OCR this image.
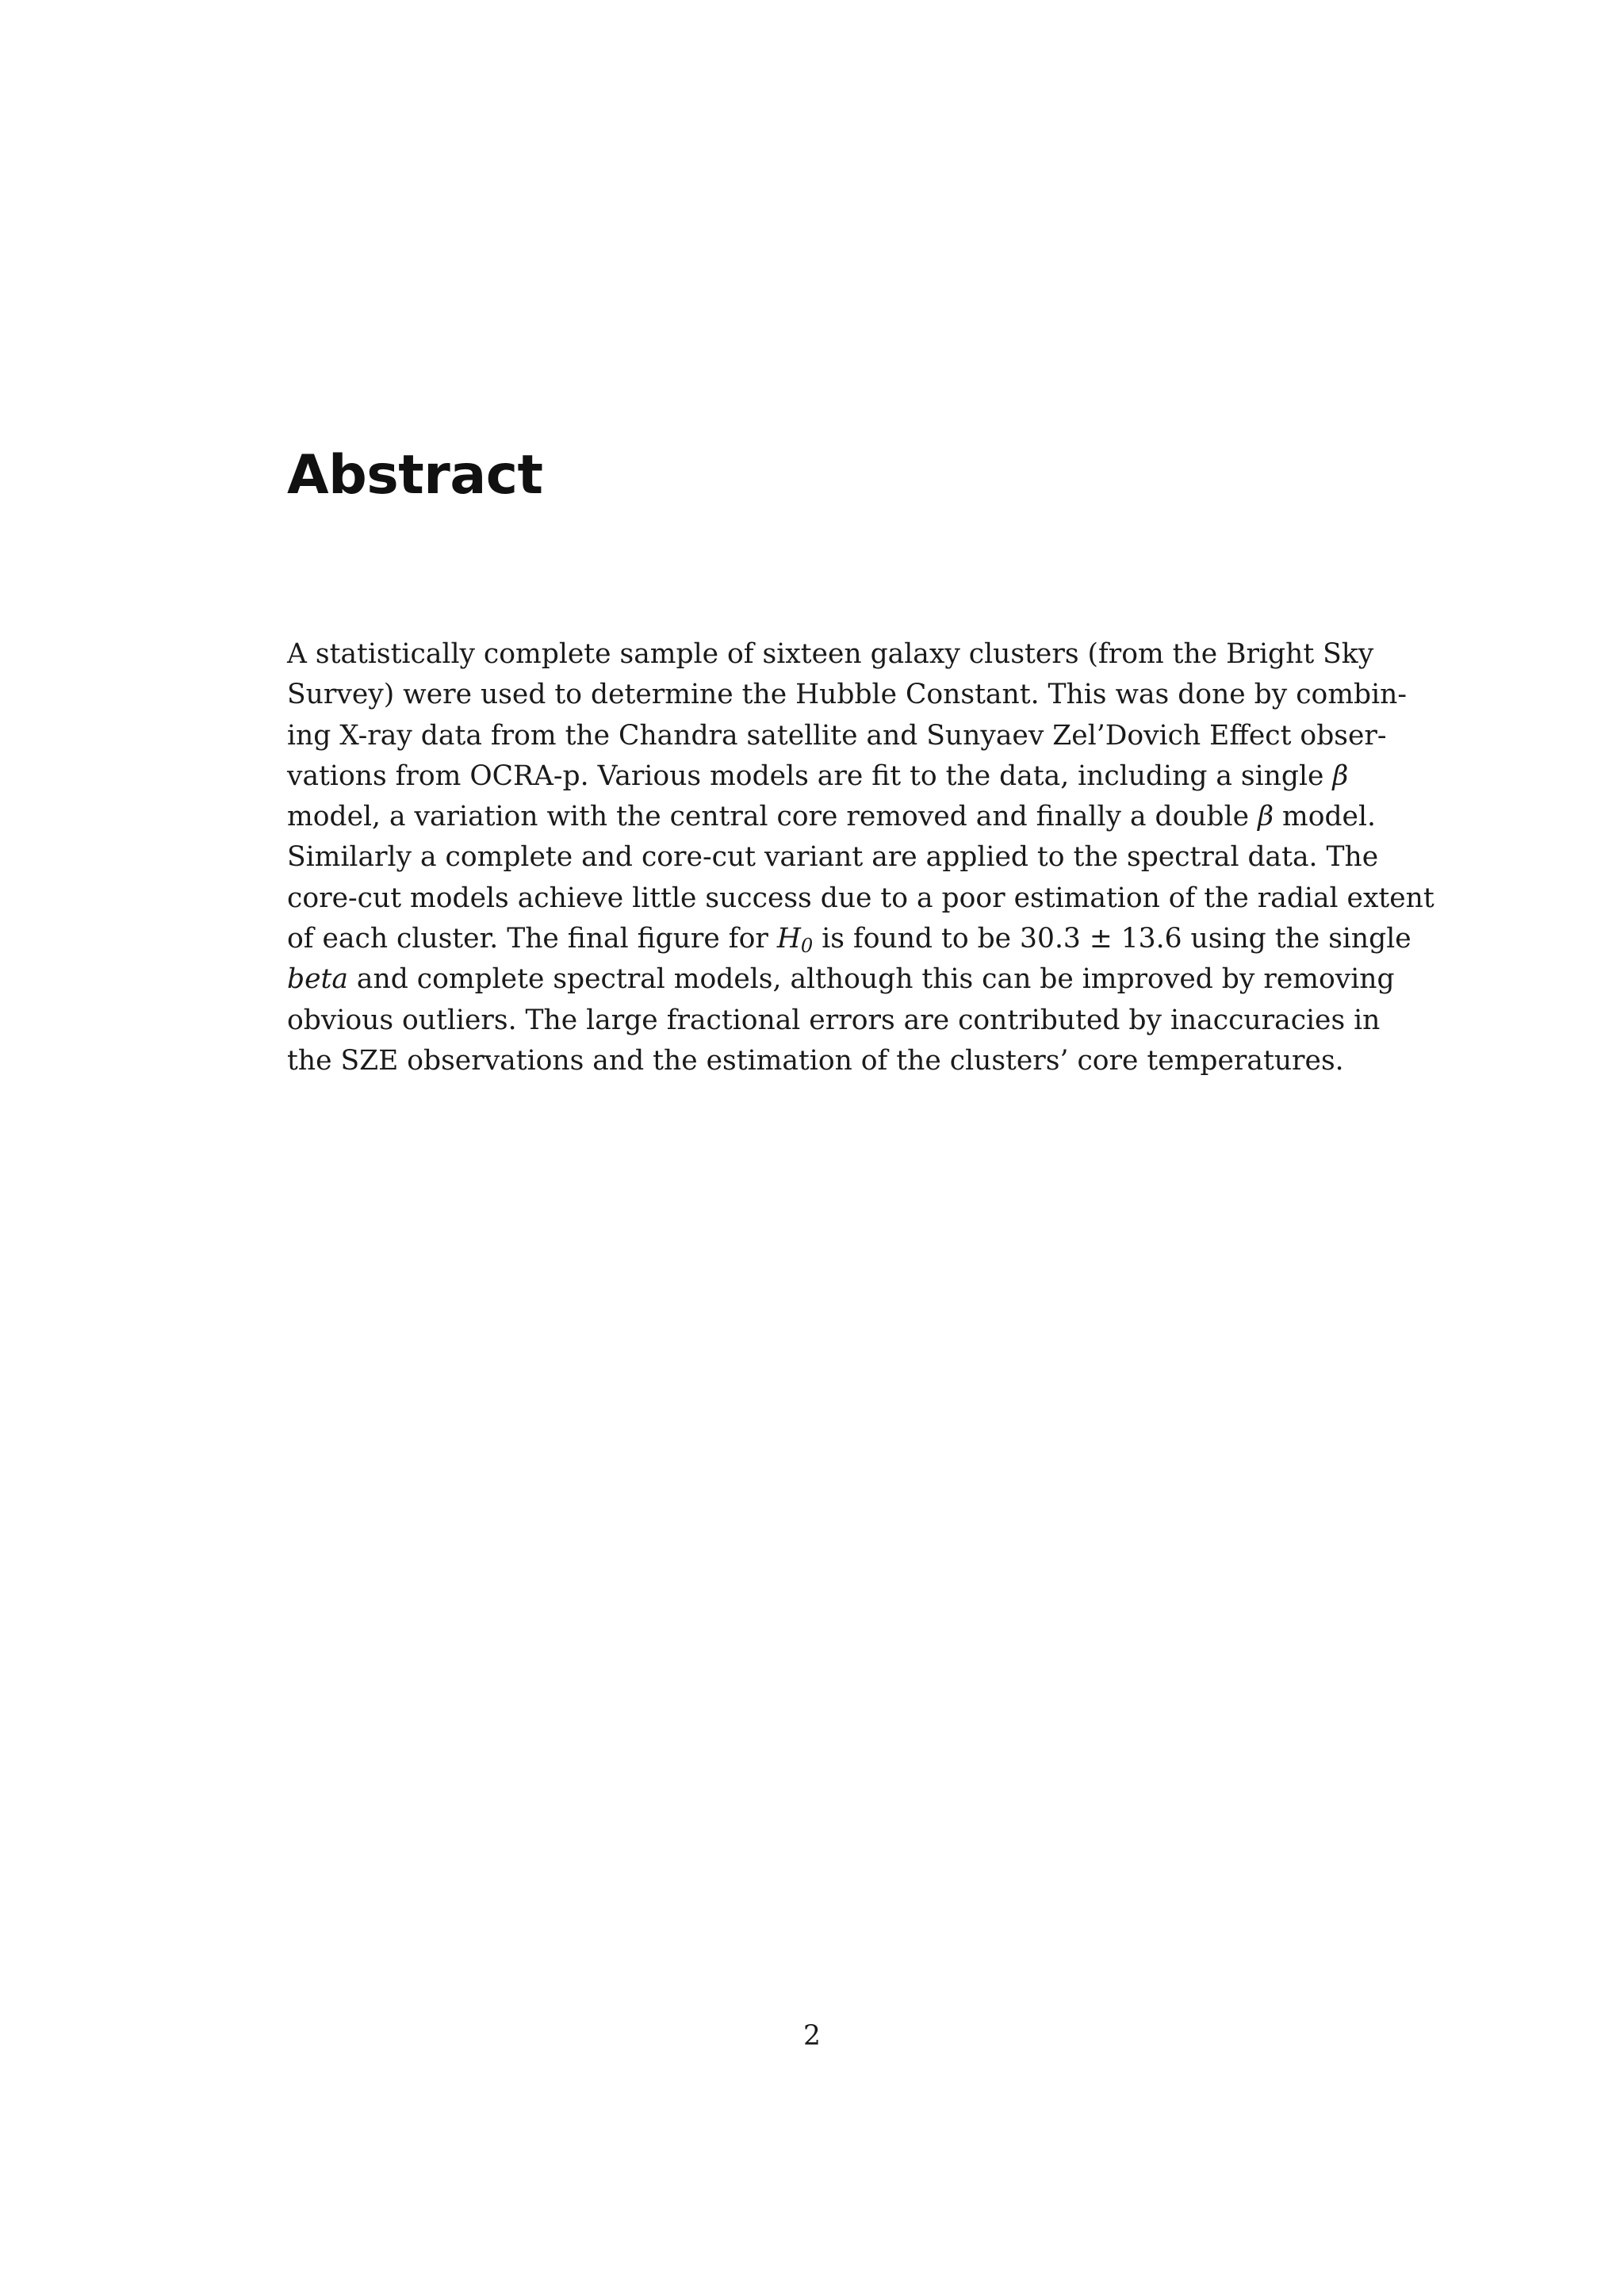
Abstract
A statistically complete sample of sixteen galaxy clusters (from the Bright Sky
Survey) were used to determine the Hubble Constant. This was done by combin-
ing X-ray data from the Chandra satellite and Sunyaev Zel’Dovich Effect obser-
vations from OCRA-p. Various models are fit to the data, including a single β
model, a variation with the central core removed and finally a double β model.
Similarly a complete and core-cut variant are applied to the spectral data. The
core-cut models achieve little success due to a poor estimation of the radial extent
of each cluster. The final figure for $H_0$ is found to be 30.3 ± 13.6 using the single
beta and complete spectral models, although this can be improved by removing
obvious outliers. The large fractional errors are contributed by inaccuracies in
the SZE observations and the estimation of the clusters’ core temperatures.
2
